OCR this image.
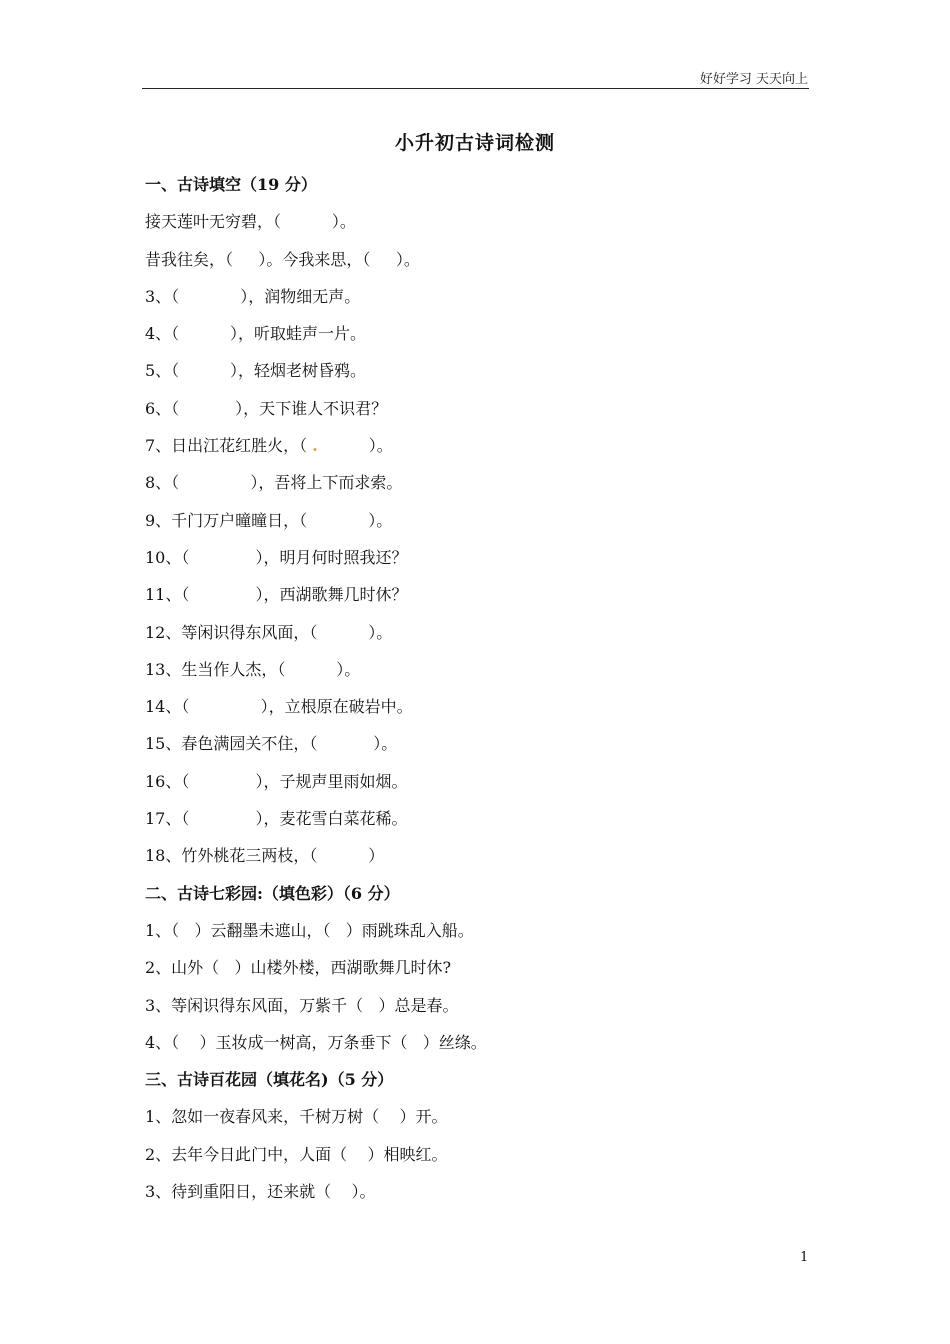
好好学习 天天向上
小升初古诗词检测
一、古诗填空（19 分）
接天莲叶无穷碧，（          ）。
昔我往矣，（     ）。今我来思，（     ）。
3、（            ），润物细无声。
4、（          ），听取蛙声一片。
5、（          ），轻烟老树昏鸦。
6、（           ），天下谁人不识君？
7、日出江花红胜火，（ .          ）。
8、（              ），吾将上下而求索。
9、千门万户曈曈日，（            ）。
10、（             ），明月何时照我还？
11、（             ），西湖歌舞几时休？
12、等闲识得东风面，（          ）。
13、生当作人杰，（          ）。
14、（              ），立根原在破岩中。
15、春色满园关不住，（           ）。
16、（             ），子规声里雨如烟。
17、（             ），麦花雪白菜花稀。
18、竹外桃花三两枝，（          ）
二、古诗七彩园:（填色彩）（6 分）
1、（   ）云翻墨未遮山，（   ）雨跳珠乱入船。
2、山外（   ）山楼外楼，西湖歌舞几时休?
3、等闲识得东风面，万紫千（   ）总是春。
4、（    ）玉妆成一树高，万条垂下（   ）丝绦。
三、古诗百花园（填花名)（5 分）
1、忽如一夜春风来，千树万树（    ）开。
2、去年今日此门中，人面（    ）相映红。
3、待到重阳日，还来就（    ）。
1
